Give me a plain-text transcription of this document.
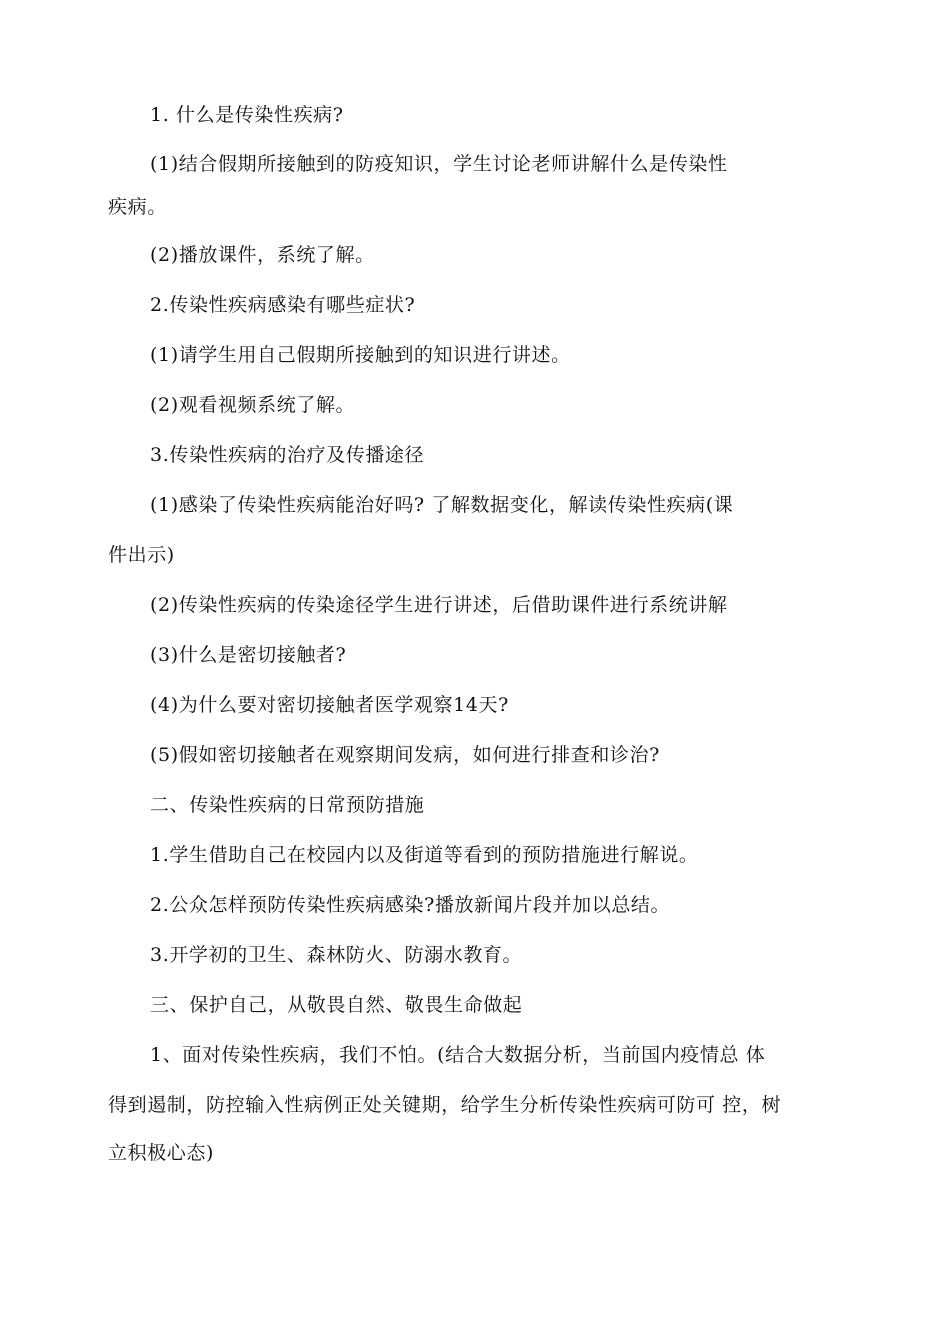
1. 什么是传染性疾病?
(1)结合假期所接触到的防疫知识，学生讨论老师讲解什么是传染性
疾病。
(2)播放课件，系统了解。
2.传染性疾病感染有哪些症状?
(1)请学生用自己假期所接触到的知识进行讲述。
(2)观看视频系统了解。
3.传染性疾病的治疗及传播途径
(1)感染了传染性疾病能治好吗? 了解数据变化，解读传染性疾病(课
件出示)
(2)传染性疾病的传染途径学生进行讲述，后借助课件进行系统讲解
(3)什么是密切接触者?
(4)为什么要对密切接触者医学观察14天?
(5)假如密切接触者在观察期间发病，如何进行排查和诊治?
二、传染性疾病的日常预防措施
1.学生借助自己在校园内以及街道等看到的预防措施进行解说。
2.公众怎样预防传染性疾病感染?播放新闻片段并加以总结。
3.开学初的卫生、森林防火、防溺水教育。
三、保护自己，从敬畏自然、敬畏生命做起
1、面对传染性疾病，我们不怕。(结合大数据分析，当前国内疫情总 体
得到遏制，防控输入性病例正处关键期，给学生分析传染性疾病可防可 控，树
立积极心态)
